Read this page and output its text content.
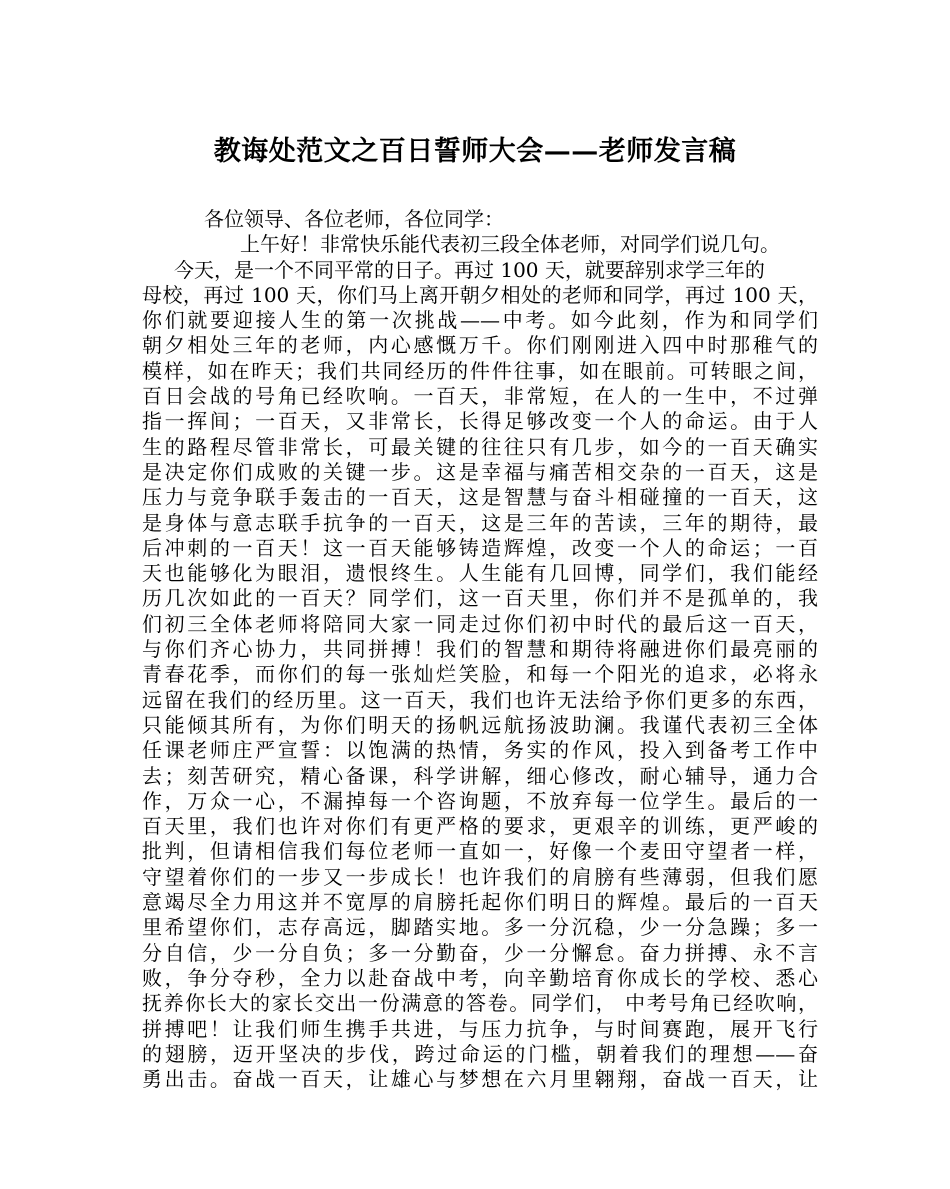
教诲处范文之百日誓师大会——老师发言稿
各位领导、各位老师，各位同学：
上午好！非常快乐能代表初三段全体老师，对同学们说几句。
今天，是一个不同平常的日子。再过 100 天，就要辞别求学三年的
母校，再过 100 天，你们马上离开朝夕相处的老师和同学，再过 100 天，
你们就要迎接人生的第一次挑战——中考。如今此刻，作为和同学们
朝夕相处三年的老师，内心感慨万千。你们刚刚进入四中时那稚气的
模样，如在昨天；我们共同经历的件件往事，如在眼前。可转眼之间，
百日会战的号角已经吹响。一百天，非常短，在人的一生中，不过弹
指一挥间；一百天，又非常长，长得足够改变一个人的命运。由于人
生的路程尽管非常长，可最关键的往往只有几步，如今的一百天确实
是决定你们成败的关键一步。这是幸福与痛苦相交杂的一百天，这是
压力与竞争联手轰击的一百天，这是智慧与奋斗相碰撞的一百天，这
是身体与意志联手抗争的一百天，这是三年的苦读，三年的期待，最
后冲刺的一百天！这一百天能够铸造辉煌，改变一个人的命运；一百
天也能够化为眼泪，遗恨终生。人生能有几回博，同学们，我们能经
历几次如此的一百天？同学们，这一百天里，你们并不是孤单的，我
们初三全体老师将陪同大家一同走过你们初中时代的最后这一百天，
与你们齐心协力，共同拼搏！我们的智慧和期待将融进你们最亮丽的
青春花季，而你们的每一张灿烂笑脸，和每一个阳光的追求，必将永
远留在我们的经历里。这一百天，我们也许无法给予你们更多的东西，
只能倾其所有，为你们明天的扬帆远航扬波助澜。我谨代表初三全体
任课老师庄严宣誓：以饱满的热情，务实的作风，投入到备考工作中
去；刻苦研究，精心备课，科学讲解，细心修改，耐心辅导，通力合
作，万众一心，不漏掉每一个咨询题，不放弃每一位学生。最后的一
百天里，我们也许对你们有更严格的要求，更艰辛的训练，更严峻的
批判，但请相信我们每位老师一直如一，好像一个麦田守望者一样，
守望着你们的一步又一步成长！也许我们的肩膀有些薄弱，但我们愿
意竭尽全力用这并不宽厚的肩膀托起你们明日的辉煌。最后的一百天
里希望你们，志存高远，脚踏实地。多一分沉稳，少一分急躁；多一
分自信，少一分自负；多一分勤奋，少一分懈怠。奋力拼搏、永不言
败，争分夺秒，全力以赴奋战中考，向辛勤培育你成长的学校、悉心
抚养你长大的家长交出一份满意的答卷。同学们， 中考号角已经吹响，
拼搏吧！让我们师生携手共进，与压力抗争，与时间赛跑，展开飞行
的翅膀，迈开坚决的步伐，跨过命运的门槛，朝着我们的理想——奋
勇出击。奋战一百天，让雄心与梦想在六月里翱翔，奋战一百天，让
